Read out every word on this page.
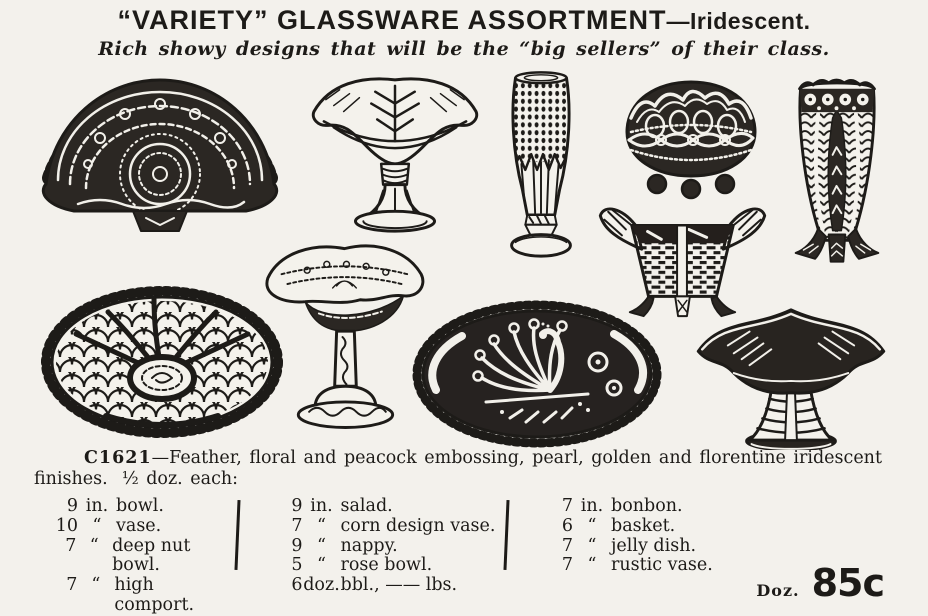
“VARIETY” GLASSWARE ASSORTMENT—Iridescent.

Rich showy designs that will be the “big sellers” of their class.

C1621—Feather, floral and peacock embossing, pearl, golden and florentine iridescent finishes. ½ doz. each:

9 in. bowl.
10 “ vase.
7 “ deep nut bowl.
7 “ high comport.
9 in. salad.
7 “ corn design vase.
9 “ nappy.
5 “ rose bowl.
6 doz. bbl., —— lbs.
7 in. bonbon.
6 “ basket.
7 “ jelly dish.
7 “ rustic vase.
Doz. 85c
